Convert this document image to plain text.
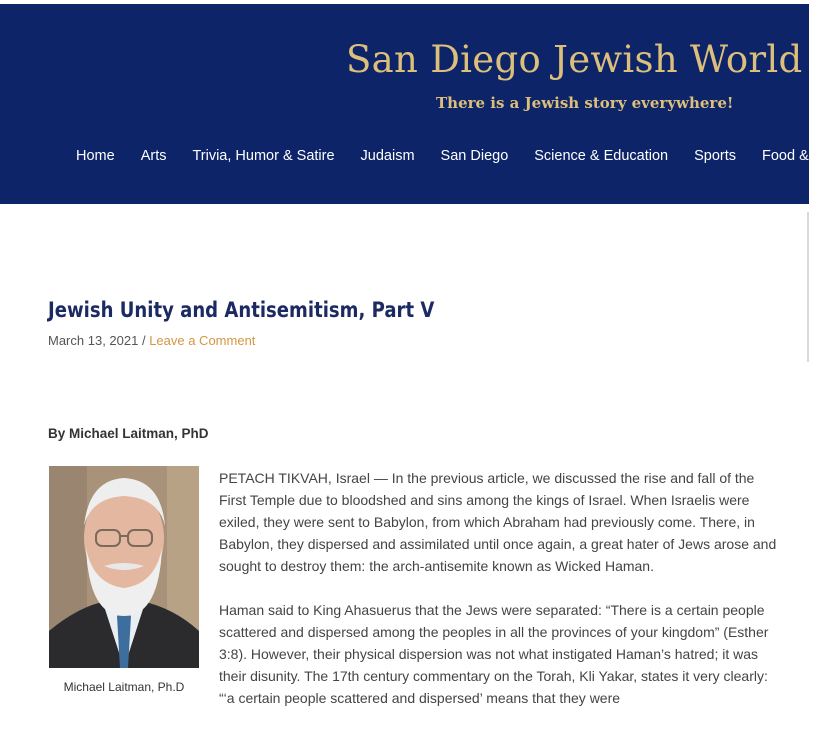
San Diego Jewish World
There is a Jewish story everywhere!
Home Arts Trivia, Humor & Satire Judaism San Diego Science & Education Sports Food & T
Jewish Unity and Antisemitism, Part V
March 13, 2021 / Leave a Comment
By Michael Laitman, PhD
Michael Laitman, Ph.D

PETACH TIKVAH, Israel — In the previous article, we discussed the rise and fall of the First Temple due to bloodshed and sins among the kings of Israel. When Israelis were exiled, they were sent to Babylon, from which Abraham had previously come. There, in Babylon, they dispersed and assimilated until once again, a great hater of Jews arose and sought to destroy them: the arch-antisemite known as Wicked Haman.

Haman said to King Ahasuerus that the Jews were separated: “There is a certain people scattered and dispersed among the peoples in all the provinces of your kingdom” (Esther 3:8). However, their physical dispersion was not what instigated Haman’s hatred; it was their disunity. The 17th century commentary on the Torah, Kli Yakar, states it very clearly: “‘a certain people scattered and dispersed’ means that they were
